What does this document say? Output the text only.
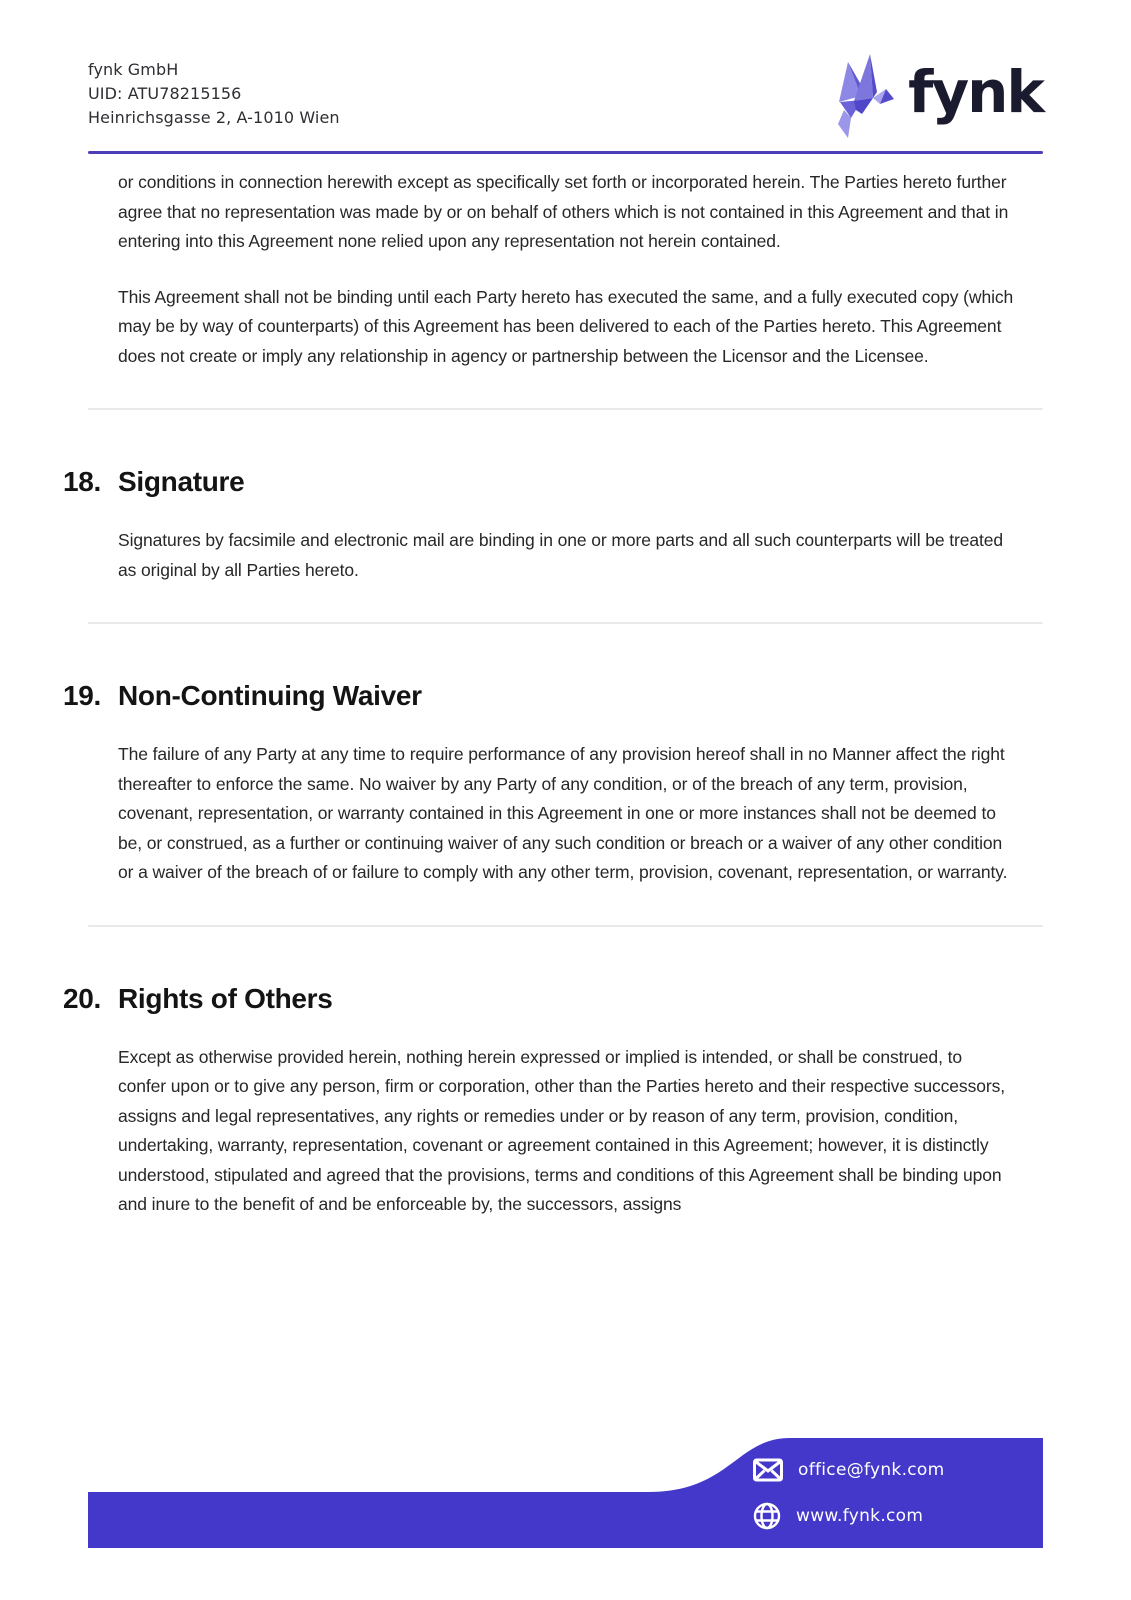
fynk GmbH
UID: ATU78215156
Heinrichsgasse 2, A-1010 Wien	fynk

or conditions in connection herewith except as specifically set forth or incorporated herein. The Parties hereto further agree that no representation was made by or on behalf of others which is not contained in this Agreement and that in entering into this Agreement none relied upon any representation not herein contained.

This Agreement shall not be binding until each Party hereto has executed the same, and a fully executed copy (which may be by way of counterparts) of this Agreement has been delivered to each of the Parties hereto. This Agreement does not create or imply any relationship in agency or partnership between the Licensor and the Licensee.

18. Signature

Signatures by facsimile and electronic mail are binding in one or more parts and all such counterparts will be treated as original by all Parties hereto.

19. Non-Continuing Waiver

The failure of any Party at any time to require performance of any provision hereof shall in no Manner affect the right thereafter to enforce the same. No waiver by any Party of any condition, or of the breach of any term, provision, covenant, representation, or warranty contained in this Agreement in one or more instances shall not be deemed to be, or construed, as a further or continuing waiver of any such condition or breach or a waiver of any other condition or a waiver of the breach of or failure to comply with any other term, provision, covenant, representation, or warranty.

20. Rights of Others

Except as otherwise provided herein, nothing herein expressed or implied is intended, or shall be construed, to confer upon or to give any person, firm or corporation, other than the Parties hereto and their respective successors, assigns and legal representatives, any rights or remedies under or by reason of any term, provision, condition, undertaking, warranty, representation, covenant or agreement contained in this Agreement; however, it is distinctly understood, stipulated and agreed that the provisions, terms and conditions of this Agreement shall be binding upon and inure to the benefit of and be enforceable by, the successors, assigns

office@fynk.com
www.fynk.com
